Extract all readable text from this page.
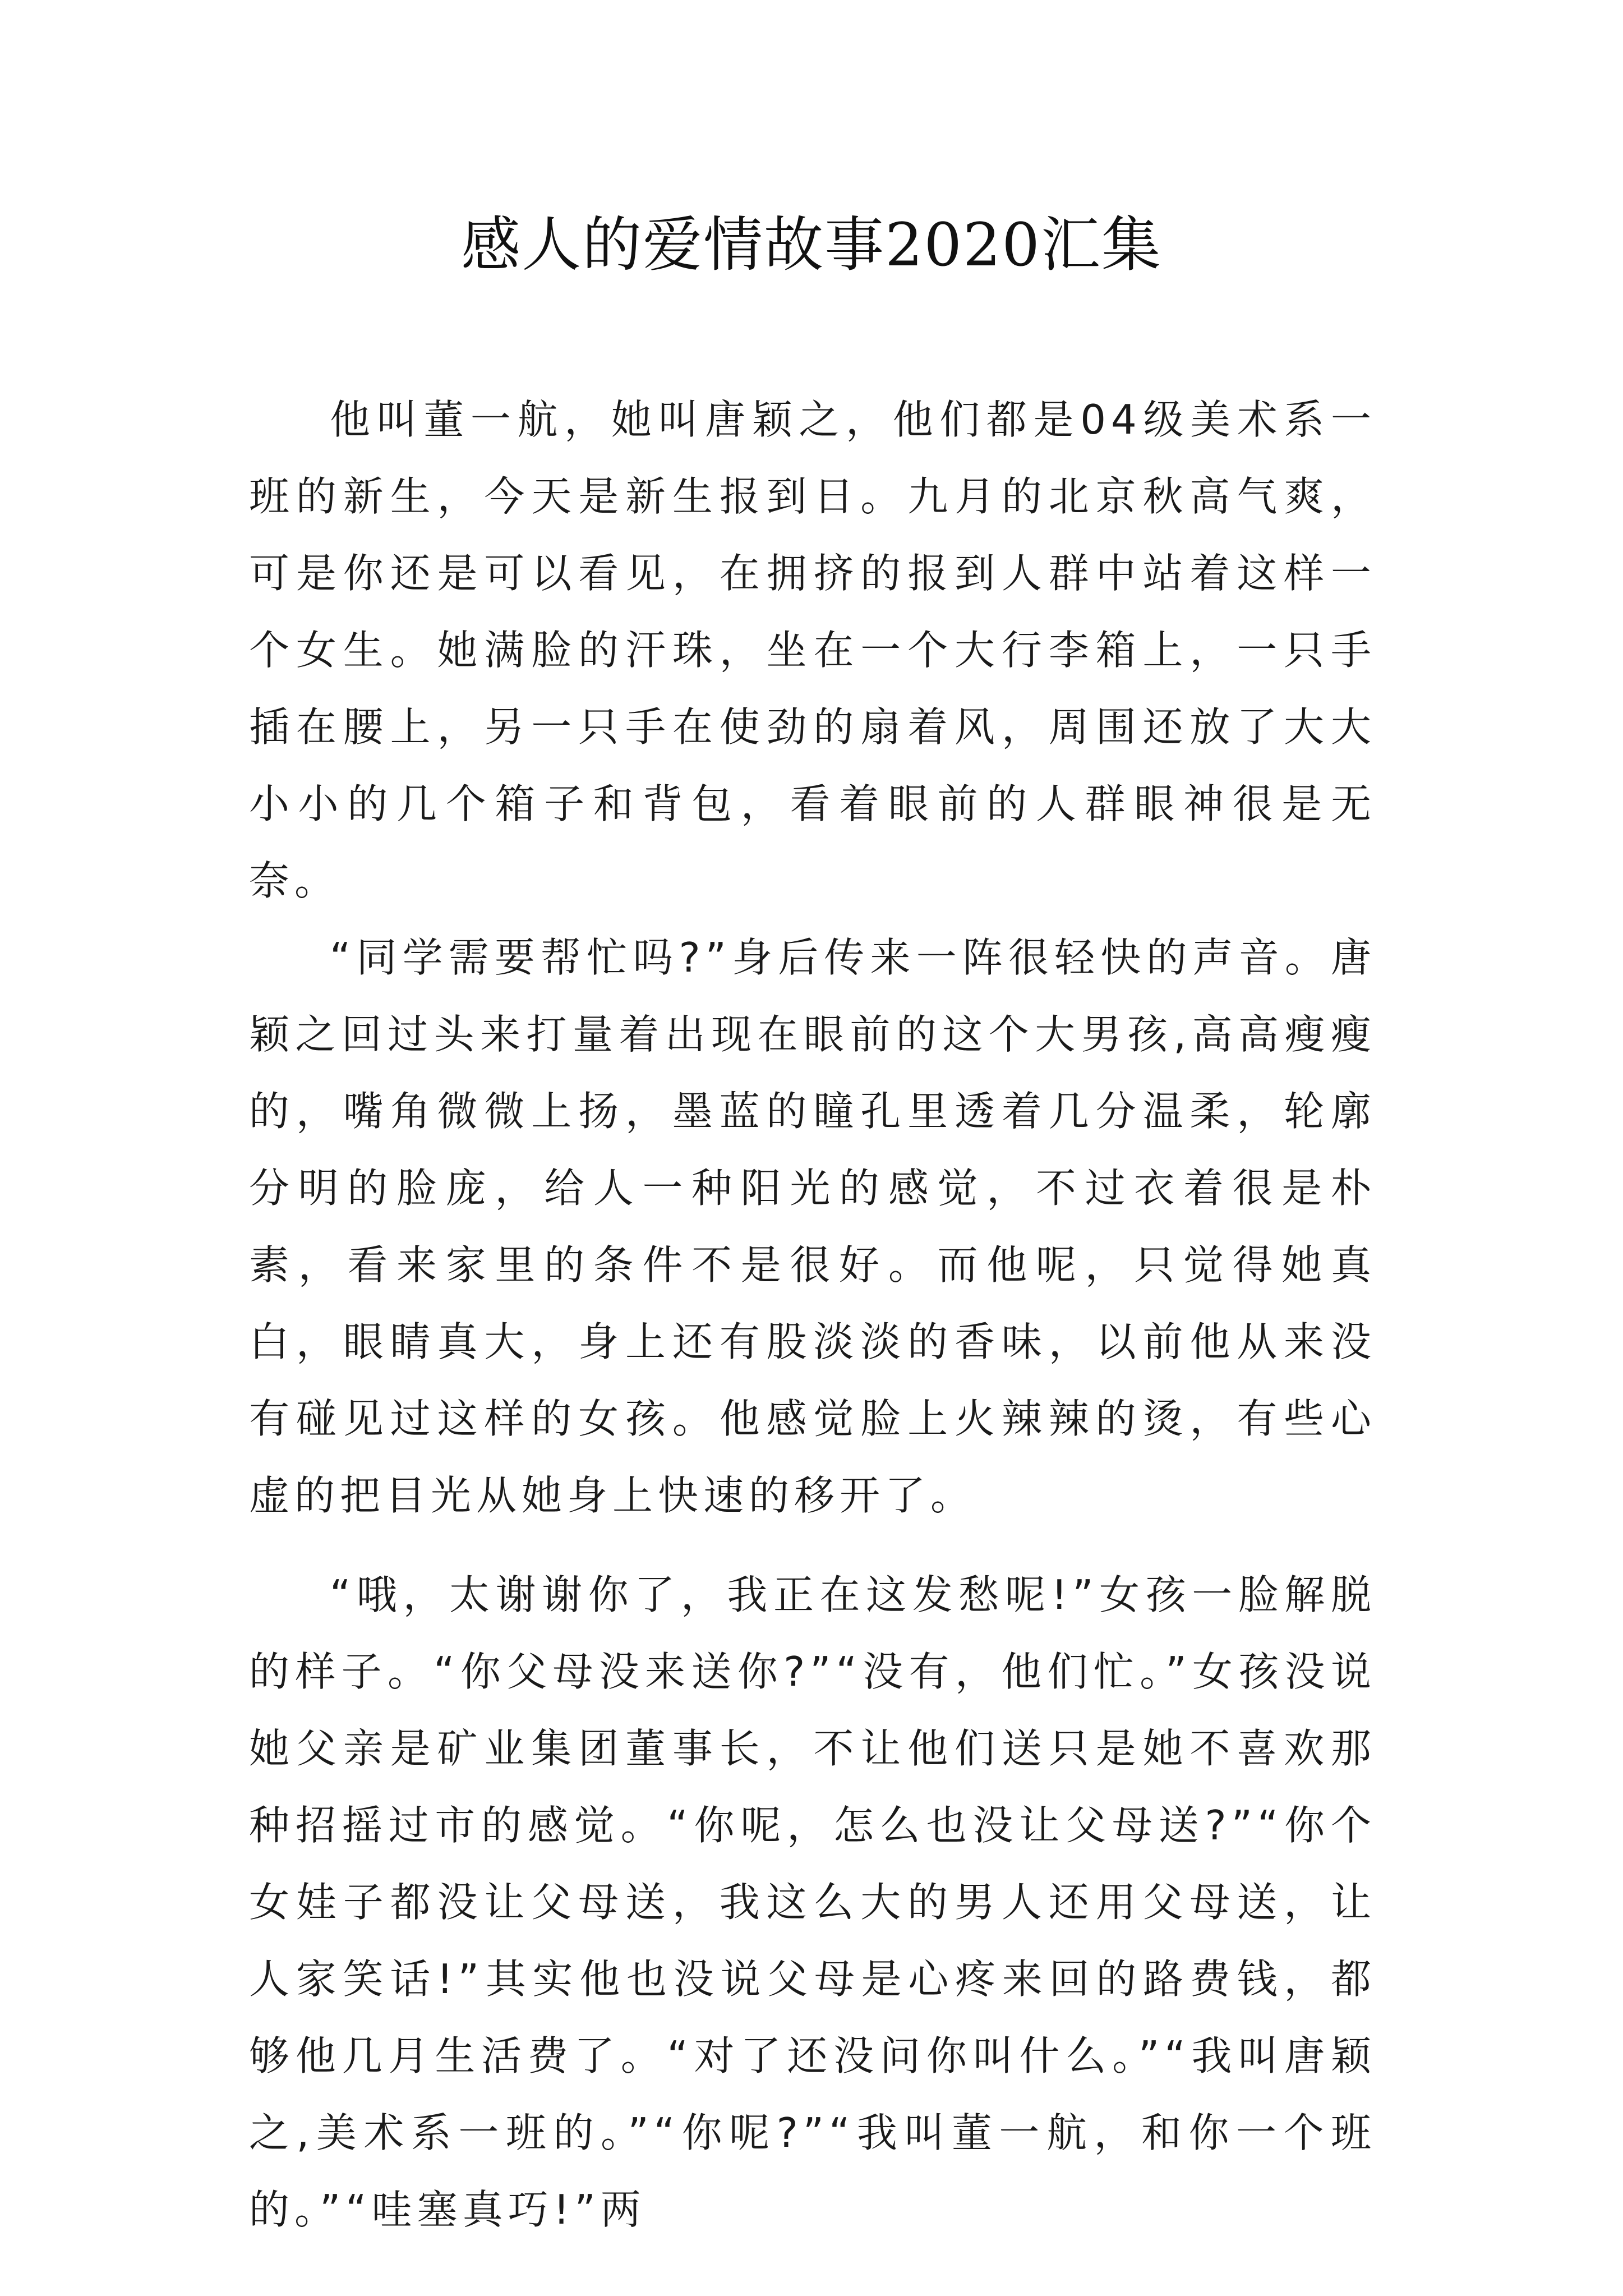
感人的爱情故事2020汇集

他叫董一航，她叫唐颖之，他们都是04级美术系一班的新生，今天是新生报到日。九月的北京秋高气爽，可是你还是可以看见，在拥挤的报到人群中站着这样一个女生。她满脸的汗珠，坐在一个大行李箱上，一只手插在腰上，另一只手在使劲的扇着风，周围还放了大大小小的几个箱子和背包，看着眼前的人群眼神很是无奈。

“同学需要帮忙吗?”身后传来一阵很轻快的声音。唐颖之回过头来打量着出现在眼前的这个大男孩,高高瘦瘦的，嘴角微微上扬，墨蓝的瞳孔里透着几分温柔，轮廓分明的脸庞，给人一种阳光的感觉，不过衣着很是朴素，看来家里的条件不是很好。而他呢，只觉得她真白，眼睛真大，身上还有股淡淡的香味，以前他从来没有碰见过这样的女孩。他感觉脸上火辣辣的烫，有些心虚的把目光从她身上快速的移开了。

“哦，太谢谢你了，我正在这发愁呢!”女孩一脸解脱的样子。“你父母没来送你?”“没有，他们忙。”女孩没说她父亲是矿业集团董事长，不让他们送只是她不喜欢那种招摇过市的感觉。“你呢，怎么也没让父母送?”“你个女娃子都没让父母送，我这么大的男人还用父母送，让人家笑话!”其实他也没说父母是心疼来回的路费钱，都够他几月生活费了。“对了还没问你叫什么。”“我叫唐颖之,美术系一班的。”“你呢?”“我叫董一航，和你一个班的。”“哇塞真巧!”两
